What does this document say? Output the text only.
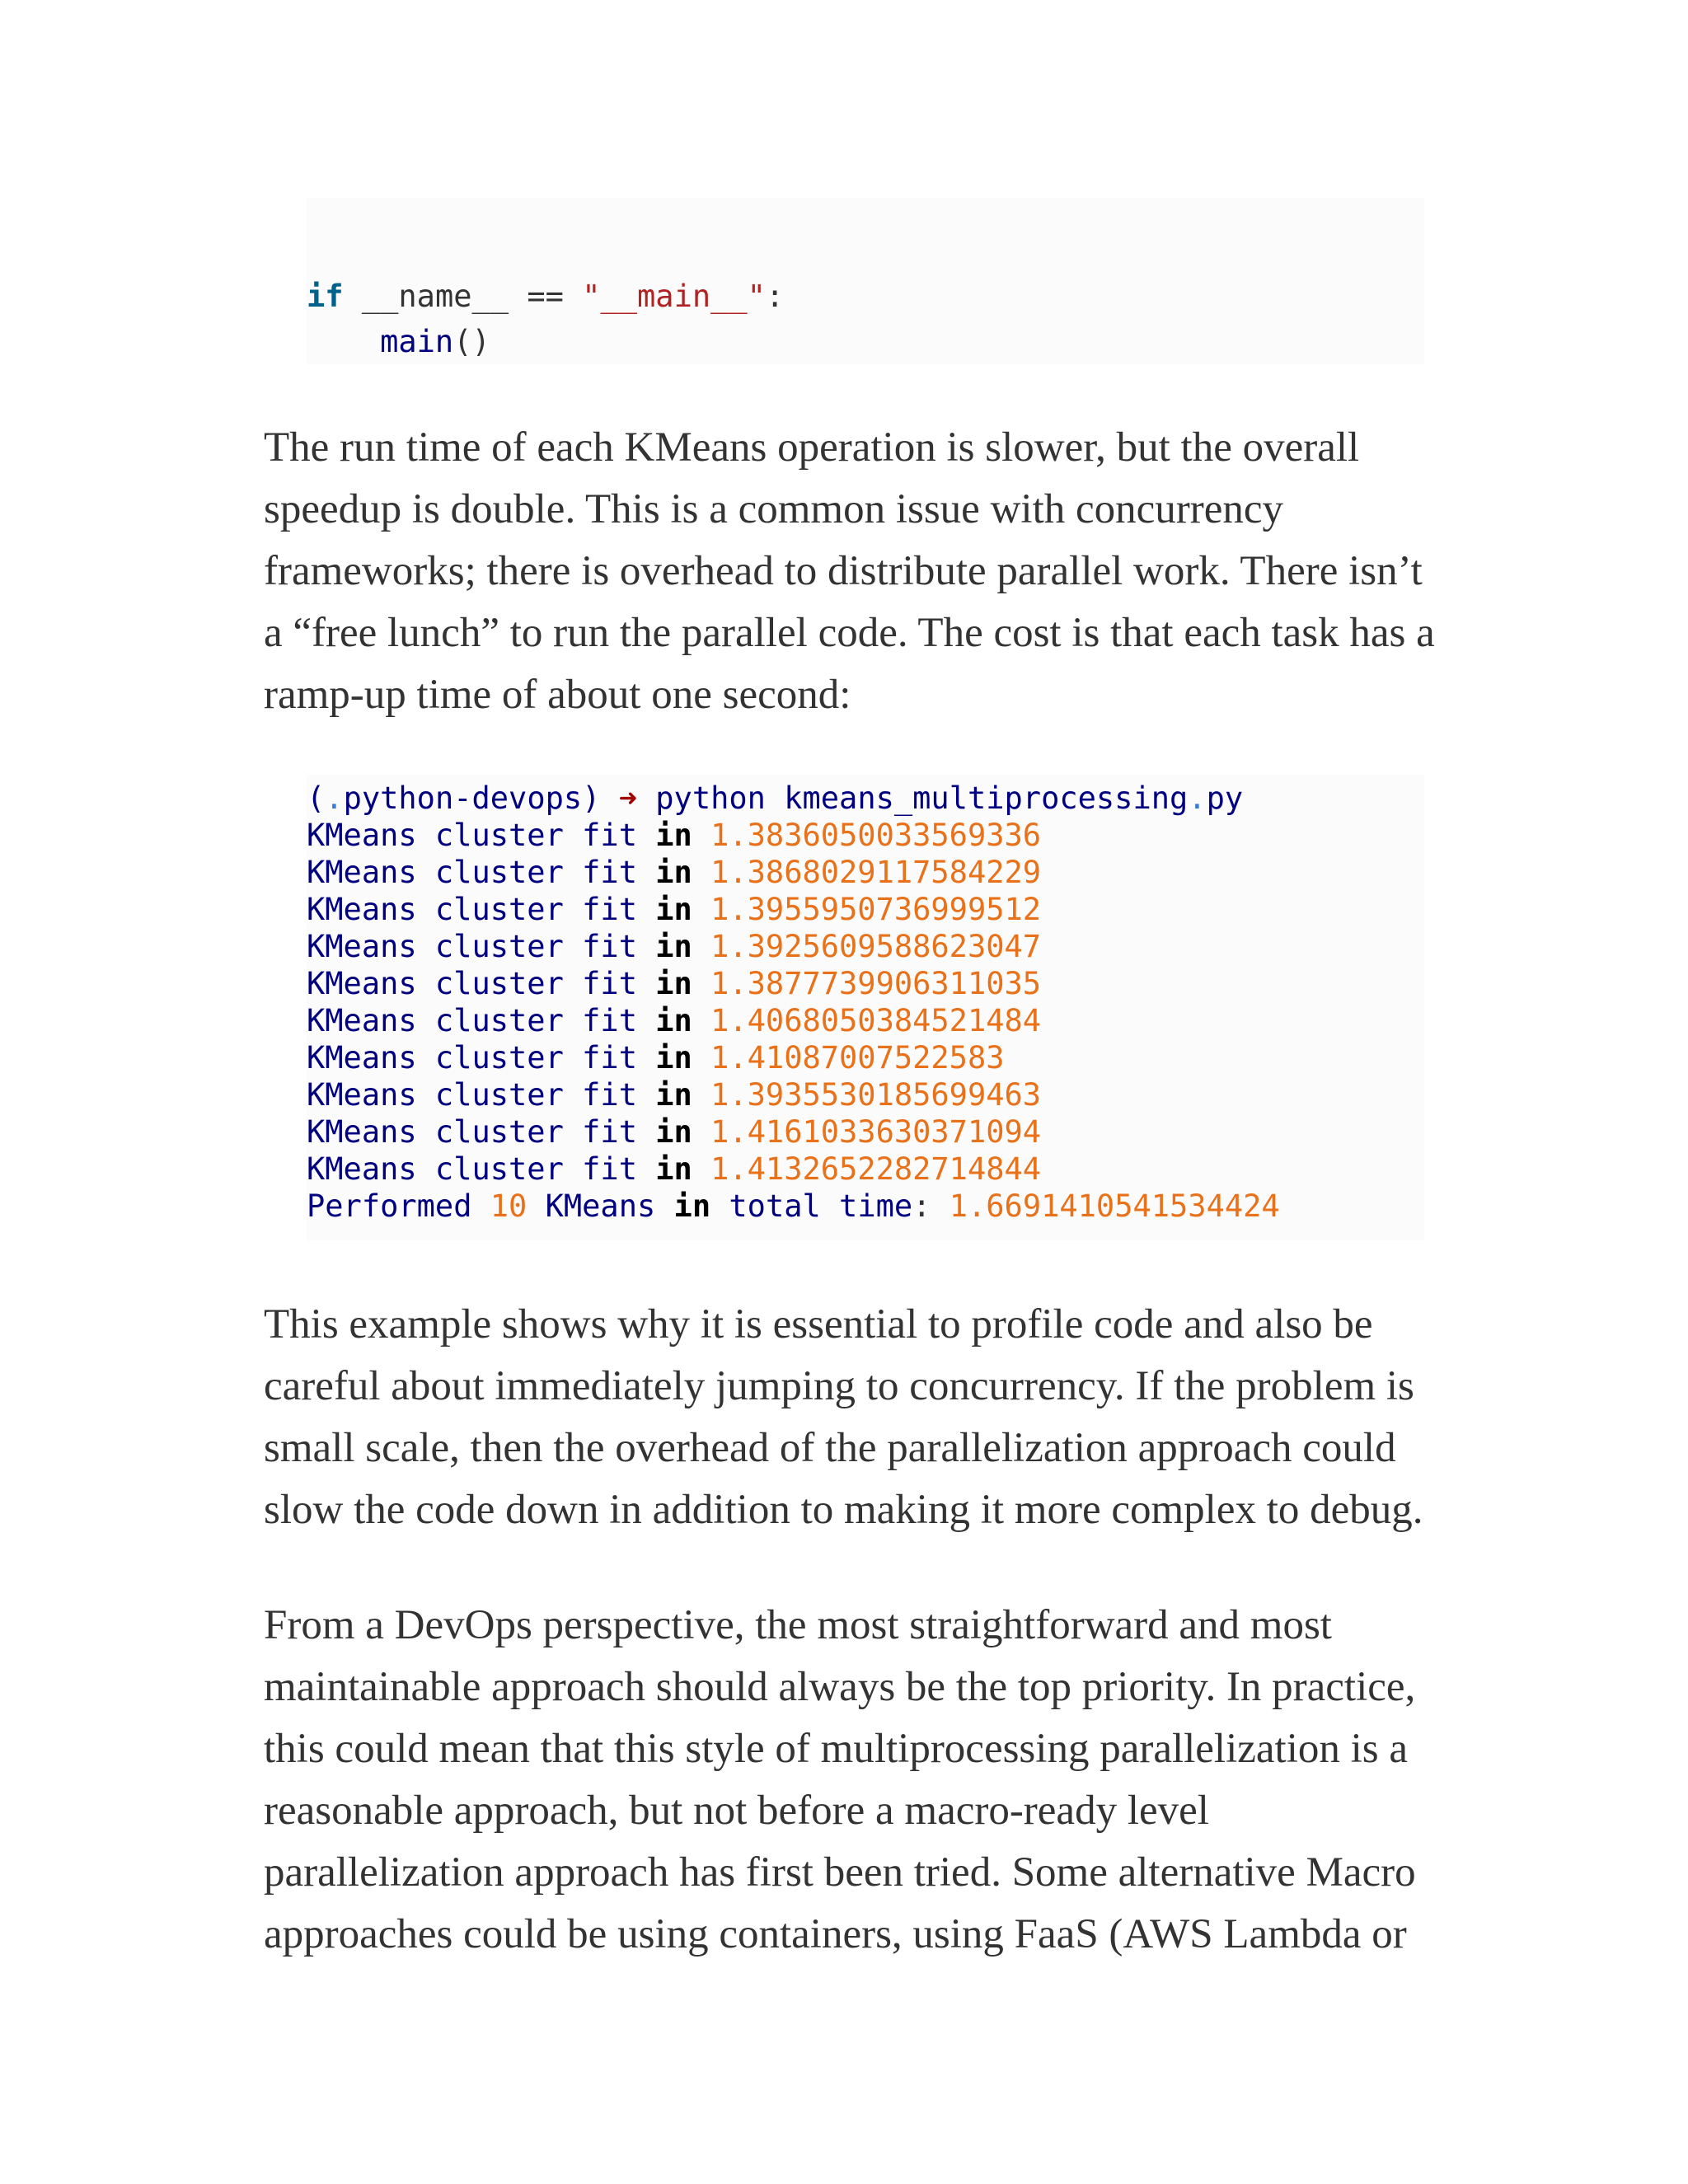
if __name__ == "__main__":
main()

The run time of each KMeans operation is slower, but the overall
speedup is double. This is a common issue with concurrency
frameworks; there is overhead to distribute parallel work. There isn’t
a “free lunch” to run the parallel code. The cost is that each task has a
ramp-up time of about one second:

(.python-devops) ➜ python kmeans_multiprocessing.py
KMeans cluster fit in 1.3836050033569336
KMeans cluster fit in 1.3868029117584229
KMeans cluster fit in 1.3955950736999512
KMeans cluster fit in 1.3925609588623047
KMeans cluster fit in 1.3877739906311035
KMeans cluster fit in 1.4068050384521484
KMeans cluster fit in 1.41087007522583
KMeans cluster fit in 1.3935530185699463
KMeans cluster fit in 1.4161033630371094
KMeans cluster fit in 1.4132652282714844
Performed 10 KMeans in total time: 1.6691410541534424

This example shows why it is essential to profile code and also be
careful about immediately jumping to concurrency. If the problem is
small scale, then the overhead of the parallelization approach could
slow the code down in addition to making it more complex to debug.

From a DevOps perspective, the most straightforward and most
maintainable approach should always be the top priority. In practice,
this could mean that this style of multiprocessing parallelization is a
reasonable approach, but not before a macro-ready level
parallelization approach has first been tried. Some alternative Macro
approaches could be using containers, using FaaS (AWS Lambda or
